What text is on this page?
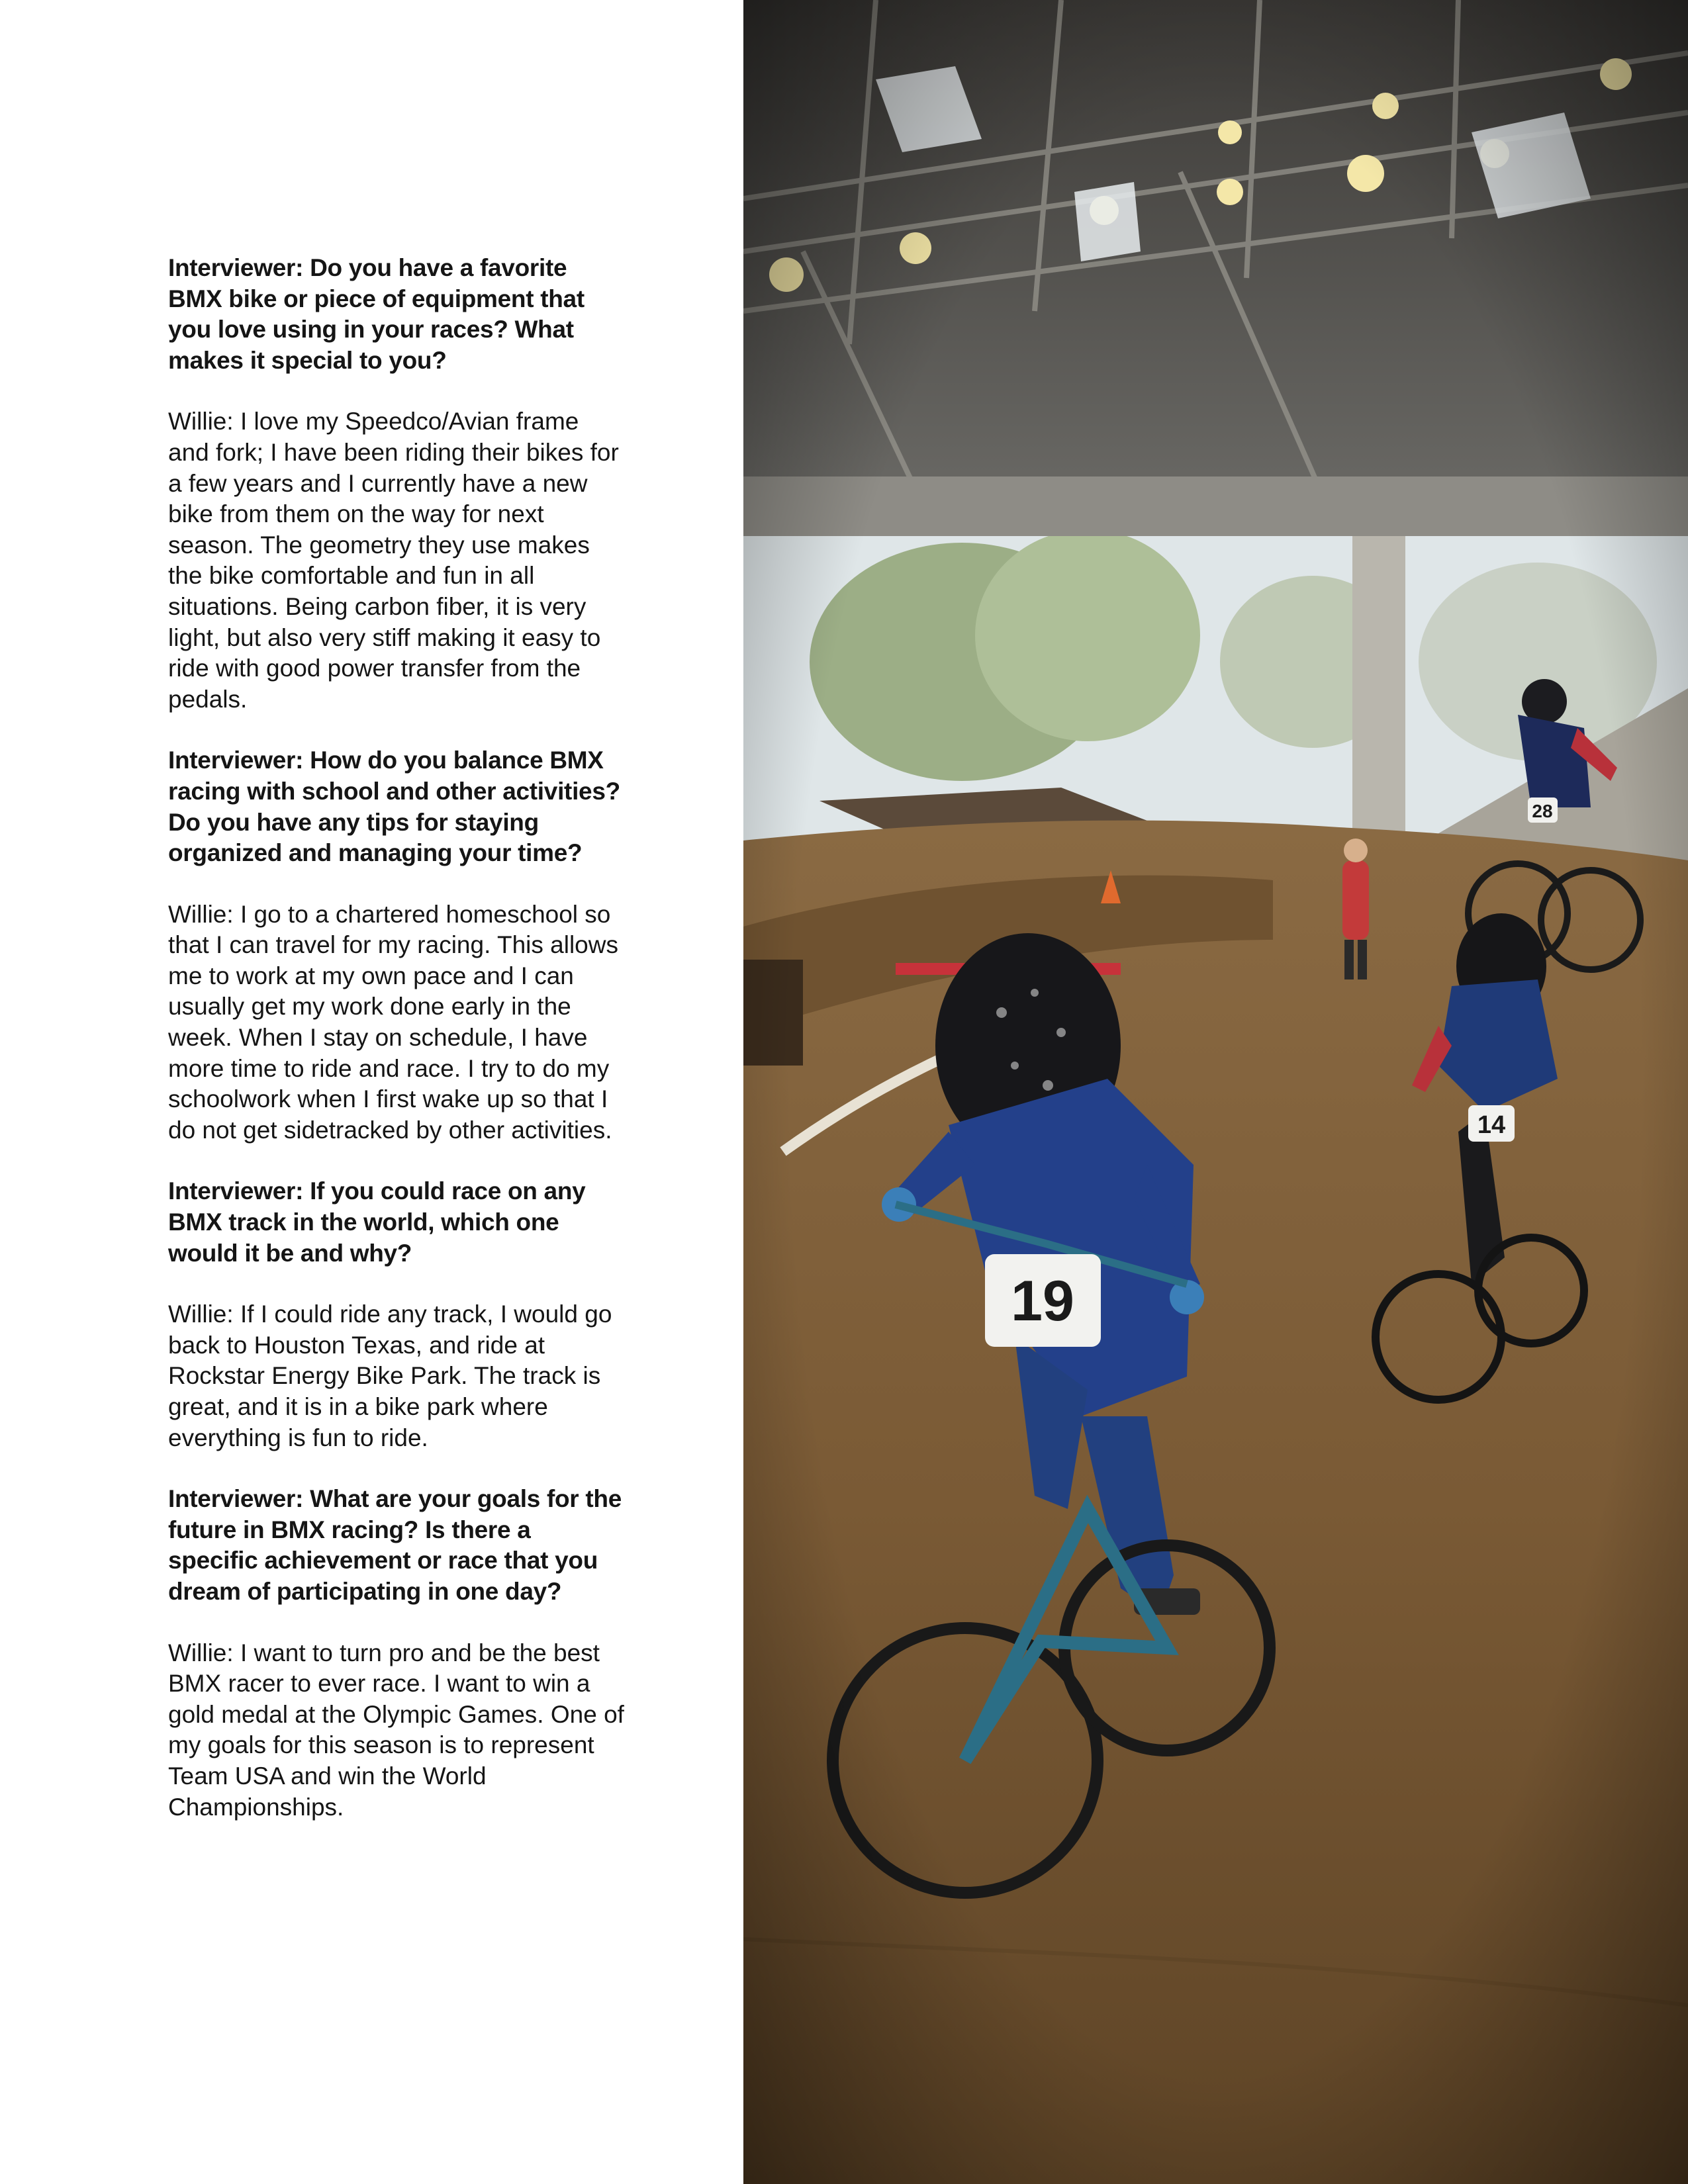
Interviewer: Do you have a favorite BMX bike or piece of equipment that you love using in your races? What makes it special to you?

Willie: I love my Speedco/Avian frame and fork; I have been riding their bikes for a few years and I currently have a new bike from them on the way for next season. The geometry they use makes the bike comfortable and fun in all situations. Being carbon fiber, it is very light, but also very stiff making it easy to ride with good power transfer from the pedals.

Interviewer: How do you balance BMX racing with school and other activities? Do you have any tips for staying organized and managing your time?

Willie: I go to a chartered homeschool so that I can travel for my racing. This allows me to work at my own pace and I can usually get my work done early in the week. When I stay on schedule, I have more time to ride and race. I try to do my schoolwork when I first wake up so that I do not get sidetracked by other activities.

Interviewer: If you could race on any BMX track in the world, which one would it be and why?

Willie: If I could ride any track, I would go back to Houston Texas, and ride at Rockstar Energy Bike Park. The track is great, and it is in a bike park where everything is fun to ride.

Interviewer: What are your goals for the future in BMX racing? Is there a specific achievement or race that you dream of participating in one day?

Willie: I want to turn pro and be the best BMX racer to ever race. I want to win a gold medal at the Olympic Games. One of my goals for this season is to represent Team USA and win the World Championships.
